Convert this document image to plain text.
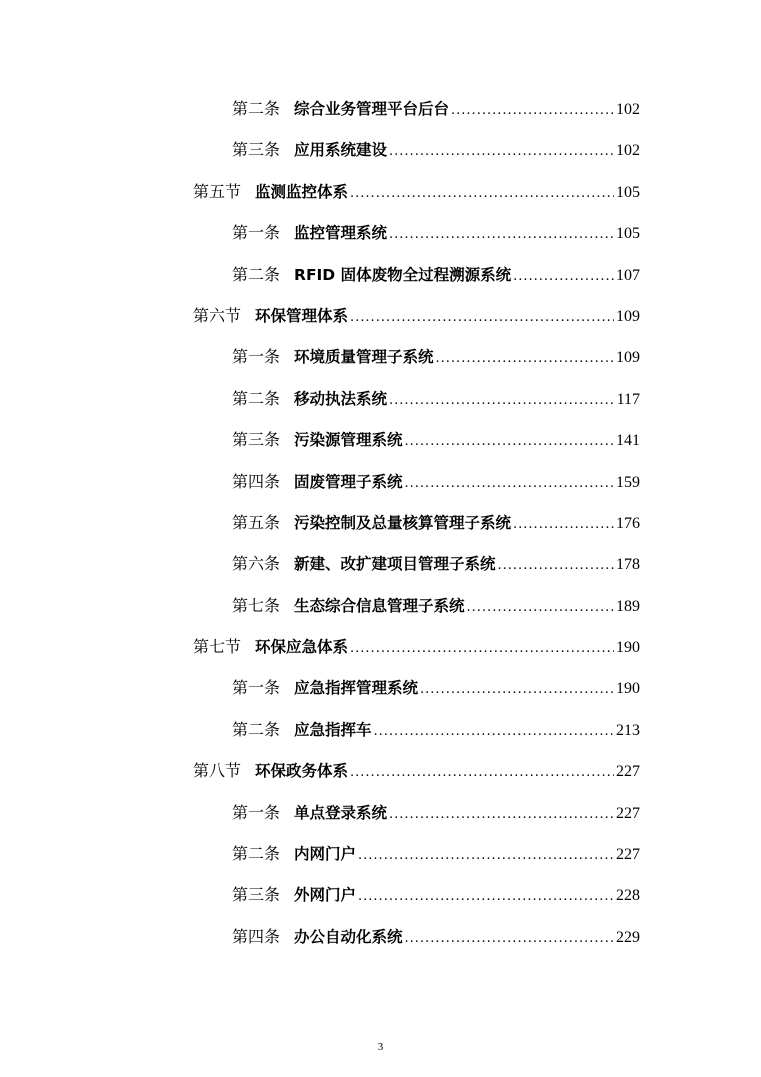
第二条 综合业务管理平台后台 .....	102
第三条 应用系统建设 .....	102
第五节 监测监控体系 .....	105
第一条 监控管理系统 .....	105
第二条 RFID 固体废物全过程溯源系统 .....	107
第六节 环保管理体系 .....	109
第一条 环境质量管理子系统 .....	109
第二条 移动执法系统 .....	117
第三条 污染源管理系统 .....	141
第四条 固废管理子系统 .....	159
第五条 污染控制及总量核算管理子系统 .....	176
第六条 新建、改扩建项目管理子系统 .....	178
第七条 生态综合信息管理子系统 .....	189
第七节 环保应急体系 .....	190
第一条 应急指挥管理系统 .....	190
第二条 应急指挥车 .....	213
第八节 环保政务体系 .....	227
第一条 单点登录系统 .....	227
第二条 内网门户 .....	227
第三条 外网门户 .....	228
第四条 办公自动化系统 .....	229
3
